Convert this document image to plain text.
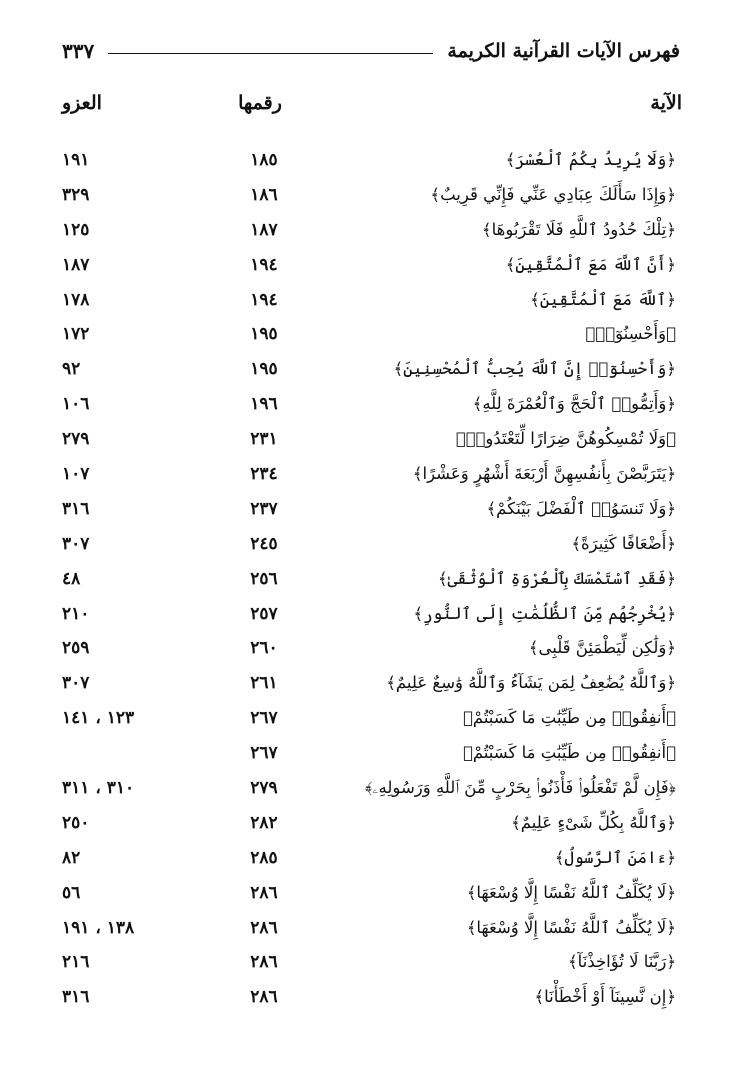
٣٣٧	فهرس الآيات القرآنية الكريمة
الآية
رقمها
العزو
﴿وَلَا يُرِيدُ بِكُمُ ٱلْعُسْرَ﴾
١٨٥
١٩١
﴿وَإِذَا سَأَلَكَ عِبَادِي عَنِّي فَإِنِّي قَرِيبٌ﴾
١٨٦
٣٢٩
﴿تِلْكَ حُدُودُ ٱللَّهِ فَلَا تَقْرَبُوهَا﴾
١٨٧
١٢٥
﴿أَنَّ ٱللَّهَ مَعَ ٱلْمُتَّقِينَ﴾
١٩٤
١٨٧
﴿ٱللَّهَ مَعَ ٱلْمُتَّقِينَ﴾
١٩٤
١٧٨
﴿وَأَحْسِنُوٓا۟﴾
١٩٥
١٧٢
﴿وَأَحْسِنُوٓا۟ إِنَّ ٱللَّهَ يُحِبُّ ٱلْمُحْسِنِينَ﴾
١٩٥
٩٢
﴿وَأَتِمُّوا۟ ٱلْحَجَّ وَٱلْعُمْرَةَ لِلَّهِ﴾
١٩٦
١٠٦
﴿وَلَا تُمْسِكُوهُنَّ ضِرَارًا لِّتَعْتَدُوا۟﴾
٢٣١
٢٧٩
﴿يَتَرَبَّصْنَ بِأَنفُسِهِنَّ أَرْبَعَةَ أَشْهُرٍ وَعَشْرًا﴾
٢٣٤
١٠٧
﴿وَلَا تَنسَوُا۟ ٱلْفَضْلَ بَيْنَكُمْ﴾
٢٣٧
٣١٦
﴿أَضْعَافًا كَثِيرَةً﴾
٢٤٥
٣٠٧
﴿فَقَدِ ٱسْتَمْسَكَ بِٱلْعُرْوَةِ ٱلْوُثْقَىٰ﴾
٢٥٦
٤٨
﴿يُخْرِجُهُم مِّنَ ٱلظُّلُمَٰتِ إِلَى ٱلنُّورِ﴾
٢٥٧
٢١٠
﴿وَلَٰكِن لِّيَطْمَئِنَّ قَلْبِى﴾
٢٦٠
٢٥٩
﴿وَٱللَّهُ يُضَٰعِفُ لِمَن يَشَآءُ وَٱللَّهُ وَٰسِعٌ عَلِيمٌ﴾
٢٦١
٣٠٧
﴿أَنفِقُوا۟ مِن طَيِّبَٰتِ مَا كَسَبْتُمْ﴾
٢٦٧
١٢٣ ، ١٤١
﴿أَنفِقُوا۟ مِن طَيِّبَٰتِ مَا كَسَبْتُمْ﴾
٢٦٧
﴿فَإِن لَّمْ تَفْعَلُوا۟ فَأْذَنُوا۟ بِحَرْبٍ مِّنَ ٱللَّهِ وَرَسُولِهِۦ﴾
٢٧٩
٣١٠ ، ٣١١
﴿وَٱللَّهُ بِكُلِّ شَىْءٍ عَلِيمٌ﴾
٢٨٢
٢٥٠
﴿ءَامَنَ ٱلرَّسُولُ﴾
٢٨٥
٨٢
﴿لَا يُكَلِّفُ ٱللَّهُ نَفْسًا إِلَّا وُسْعَهَا﴾
٢٨٦
٥٦
﴿لَا يُكَلِّفُ ٱللَّهُ نَفْسًا إِلَّا وُسْعَهَا﴾
٢٨٦
١٣٨ ، ١٩١
﴿رَبَّنَا لَا تُؤَاخِذْنَآ﴾
٢٨٦
٢١٦
﴿إِن نَّسِينَآ أَوْ أَخْطَأْنَا﴾
٢٨٦
٣١٦
